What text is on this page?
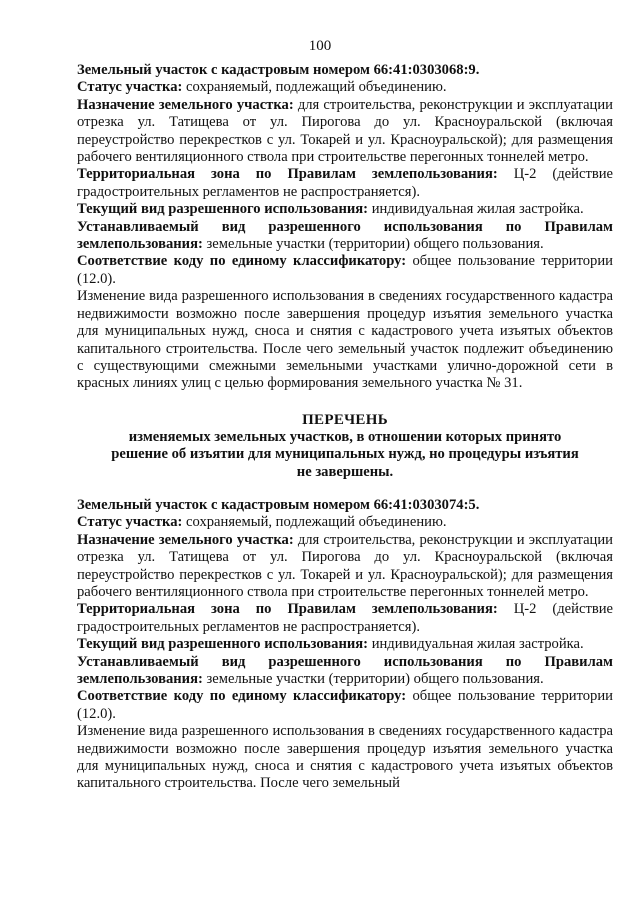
100

Земельный участок с кадастровым номером 66:41:0303068:9.

Статус участка: сохраняемый, подлежащий объединению.

Назначение земельного участка: для строительства, реконструкции и эксплуатации отрезка ул. Татищева от ул. Пирогова до ул. Красноуральской (включая переустройство перекрестков с ул. Токарей и ул. Красноуральской); для размещения рабочего вентиляционного ствола при строительстве перегонных тоннелей метро.

Территориальная зона по Правилам землепользования: Ц-2 (действие градостроительных регламентов не распространяется).

Текущий вид разрешенного использования: индивидуальная жилая застройка.

Устанавливаемый вид разрешенного использования по Правилам землепользования: земельные участки (территории) общего пользования.

Соответствие коду по единому классификатору: общее пользование территории (12.0).

Изменение вида разрешенного использования в сведениях государственного кадастра недвижимости возможно после завершения процедур изъятия земельного участка для муниципальных нужд, сноса и снятия с кадастрового учета изъятых объектов капитального строительства. После чего земельный участок подлежит объединению с существующими смежными земельными участками улично-дорожной сети в красных линиях улиц с целью формирования земельного участка № 31.

ПЕРЕЧЕНЬ
изменяемых земельных участков, в отношении которых принято
решение об изъятии для муниципальных нужд, но процедуры изъятия
не завершены.

Земельный участок с кадастровым номером 66:41:0303074:5.

Статус участка: сохраняемый, подлежащий объединению.

Назначение земельного участка: для строительства, реконструкции и эксплуатации отрезка ул. Татищева от ул. Пирогова до ул. Красноуральской (включая переустройство перекрестков с ул. Токарей и ул. Красноуральской); для размещения рабочего вентиляционного ствола при строительстве перегонных тоннелей метро.

Территориальная зона по Правилам землепользования: Ц-2 (действие градостроительных регламентов не распространяется).

Текущий вид разрешенного использования: индивидуальная жилая застройка.

Устанавливаемый вид разрешенного использования по Правилам землепользования: земельные участки (территории) общего пользования.

Соответствие коду по единому классификатору: общее пользование территории (12.0).

Изменение вида разрешенного использования в сведениях государственного кадастра недвижимости возможно после завершения процедур изъятия земельного участка для муниципальных нужд, сноса и снятия с кадастрового учета изъятых объектов капитального строительства. После чего земельный
